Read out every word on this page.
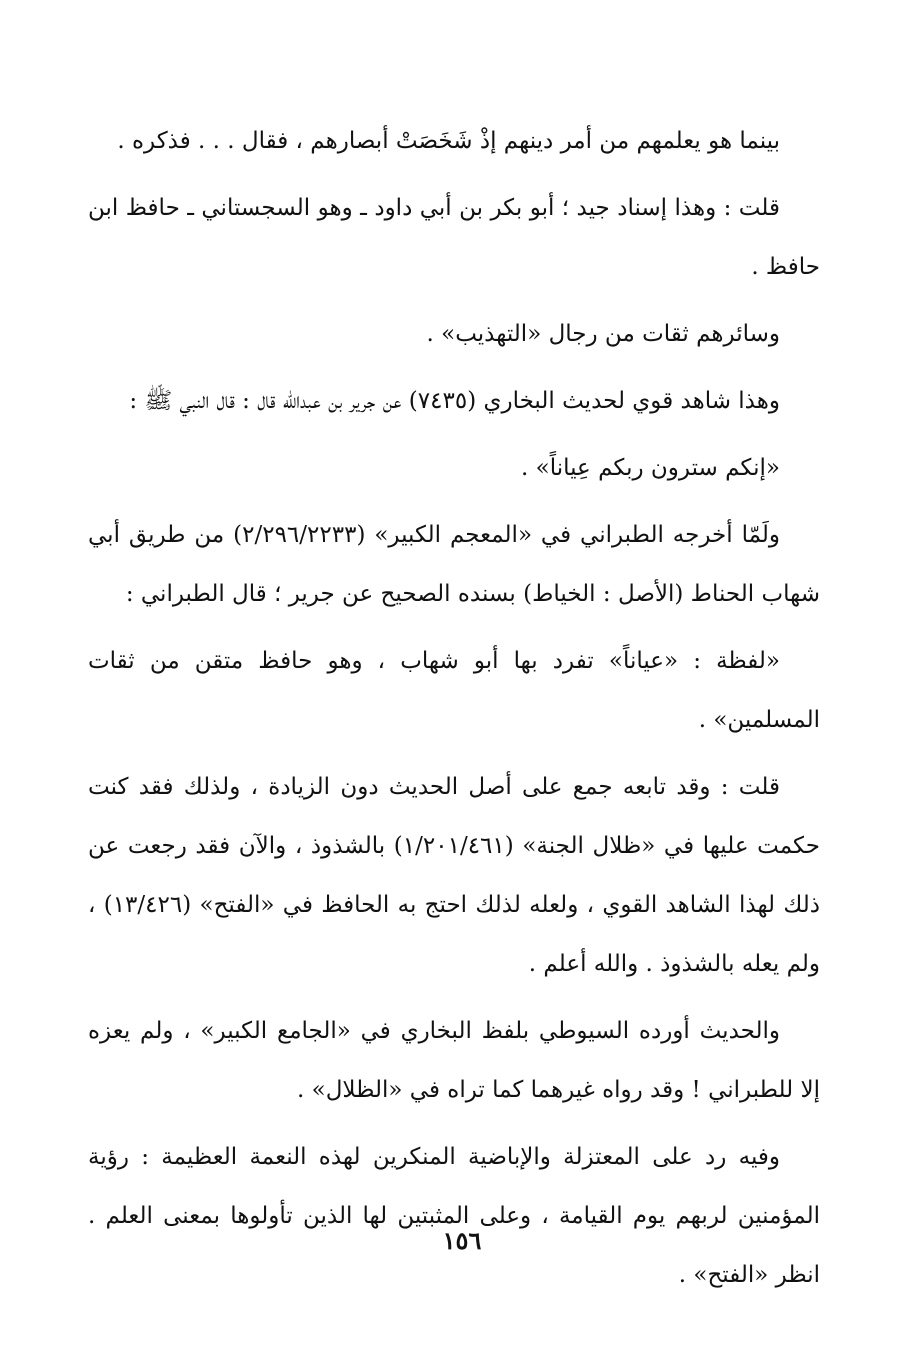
بينما هو يعلمهم من أمر دينهم إذْ شَخَصَتْ أبصارهم ، فقال . . . فذكره .

قلت : وهذا إسناد جيد ؛ أبو بكر بن أبي داود ـ وهو السجستاني ـ حافظ ابن حافظ .

وسائرهم ثقات من رجال «التهذيب» .

وهذا شاهد قوي لحديث البخاري (٧٤٣٥) عن جرير بن عبدالله قال : قال النبي ﷺ :

«إنكم سترون ربكم عِياناً» .

ولَمّا أخرجه الطبراني في «المعجم الكبير» (٢/٢٩٦/٢٢٣٣) من طريق أبي شهاب الحناط (الأصل : الخياط) بسنده الصحيح عن جرير ؛ قال الطبراني :

«لفظة : «عياناً» تفرد بها أبو شهاب ، وهو حافظ متقن من ثقات المسلمين» .

قلت : وقد تابعه جمع على أصل الحديث دون الزيادة ، ولذلك فقد كنت حكمت عليها في «ظلال الجنة» (١/٢٠١/٤٦١) بالشذوذ ، والآن فقد رجعت عن ذلك لهذا الشاهد القوي ، ولعله لذلك احتج به الحافظ في «الفتح» (١٣/٤٢٦) ، ولم يعله بالشذوذ . والله أعلم .

والحديث أورده السيوطي بلفظ البخاري في «الجامع الكبير» ، ولم يعزه إلا للطبراني ! وقد رواه غيرهما كما تراه في «الظلال» .

وفيه رد على المعتزلة والإباضية المنكرين لهذه النعمة العظيمة : رؤية المؤمنين لربهم يوم القيامة ، وعلى المثبتين لها الذين تأولوها بمعنى العلم . انظر «الفتح» .

١٥٦
